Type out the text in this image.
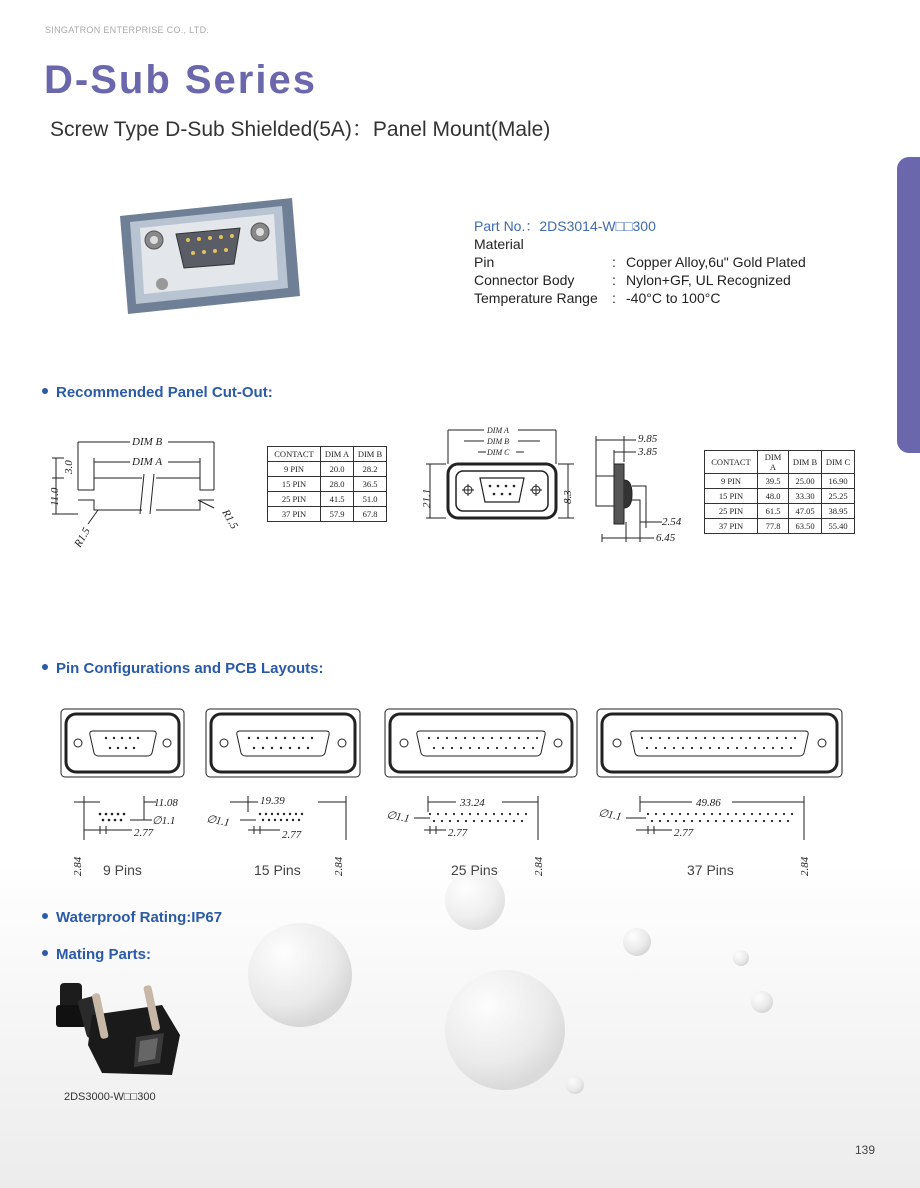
SINGATRON ENTERPRISE CO., LTD.
D-Sub Series
Screw Type D-Sub Shielded(5A)：Panel Mount(Male)
Part No.：2DS3014-W□□300
Material
Pin	: Copper Alloy,6u" Gold Plated
Connector Body	: Nylon+GF, UL Recognized
Temperature Range	: -40°C to 100°C
Recommended Panel Cut-Out:
DIM B
DIM A
3.0
11.0
R1.5
R1.5
CONTACT	DIM A	DIM B
9 PIN	20.0	28.2
15 PIN	28.0	36.5
25 PIN	41.5	51.0
37 PIN	57.9	67.8
DIM A
DIM B
DIM C
21.1	8.3
9.85
3.85
2.54
6.45
CONTACT	DIM A	DIM B	DIM C
9 PIN	39.5	25.00	16.90
15 PIN	48.0	33.30	25.25
25 PIN	61.5	47.05	38.95
37 PIN	77.8	63.50	55.40
Pin Configurations and PCB Layouts:
11.08
∅1.1
2.77
2.84 9 Pins
19.39
∅1.1
2.77
2.84
15 Pins
33.24
∅1.1
2.77
2.84
25 Pins
49.86
∅1.1
2.77
2.84
37 Pins
Waterproof Rating:IP67
Mating Parts:
2DS3000-W□□300
139
